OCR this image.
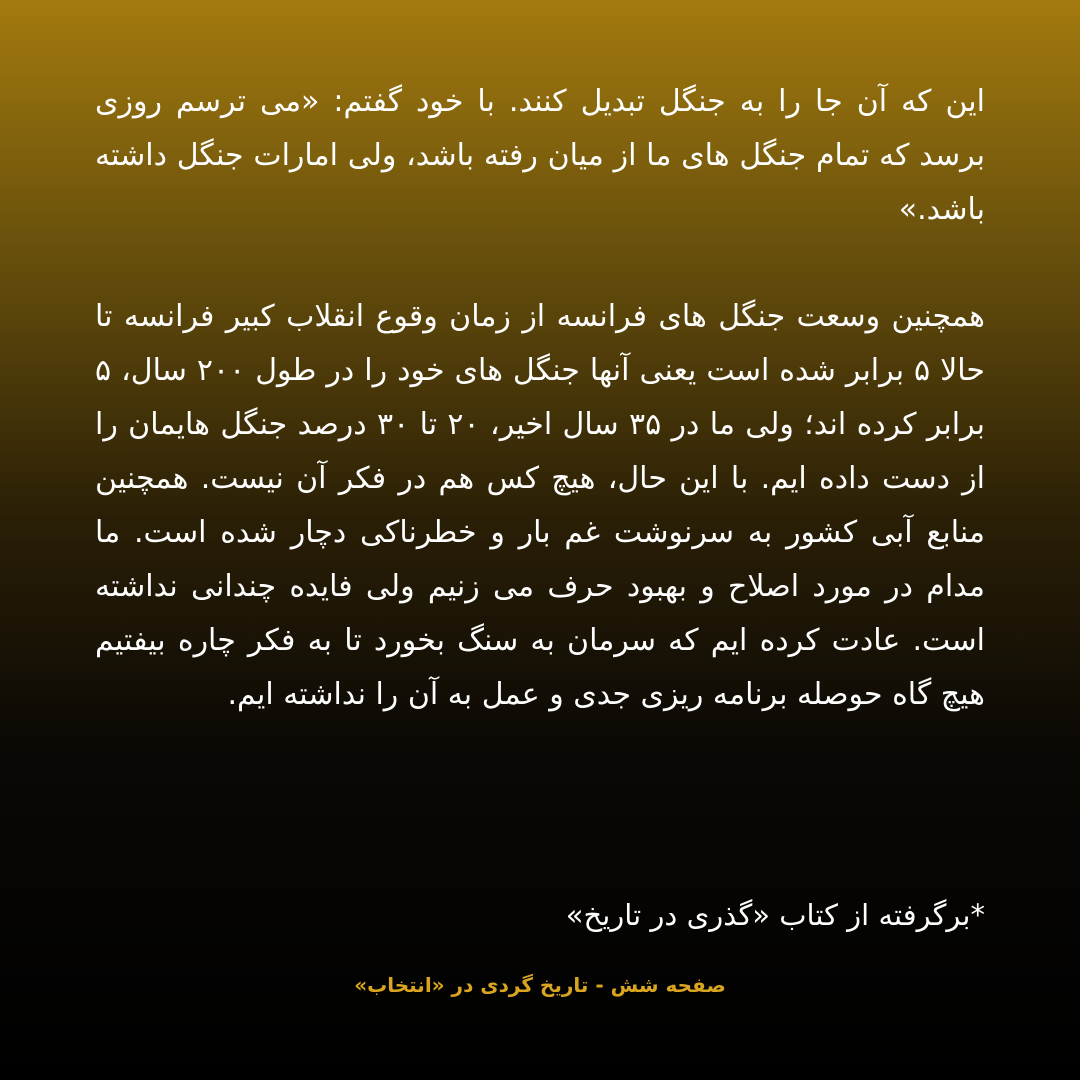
این که آن جا را به جنگل تبدیل کنند. با خود گفتم: «می ترسم روزی برسد که تمام جنگل های ما از میان رفته باشد، ولی امارات جنگل داشته باشد.»

همچنین وسعت جنگل های فرانسه از زمان وقوع انقلاب کبیر فرانسه تا حالا ۵ برابر شده است یعنی آنها جنگل های خود را در طول ۲۰۰ سال، ۵ برابر کرده اند؛ ولی ما در ۳۵ سال اخیر، ۲۰ تا ۳۰ درصد جنگل هایمان را از دست داده ایم. با این حال، هیچ کس هم در فکر آن نیست. همچنین منابع آبی کشور به سرنوشت غم بار و خطرناکی دچار شده است. ما مدام در مورد اصلاح و بهبود حرف می زنیم ولی فایده چندانی نداشته است. عادت کرده ایم که سرمان به سنگ بخورد تا به فکر چاره بیفتیم هیچ گاه حوصله برنامه ریزی جدی و عمل به آن را نداشته ایم.

*برگرفته از کتاب «گذری در تاریخ»

صفحه شش - تاریخ گردی در «انتخاب»
